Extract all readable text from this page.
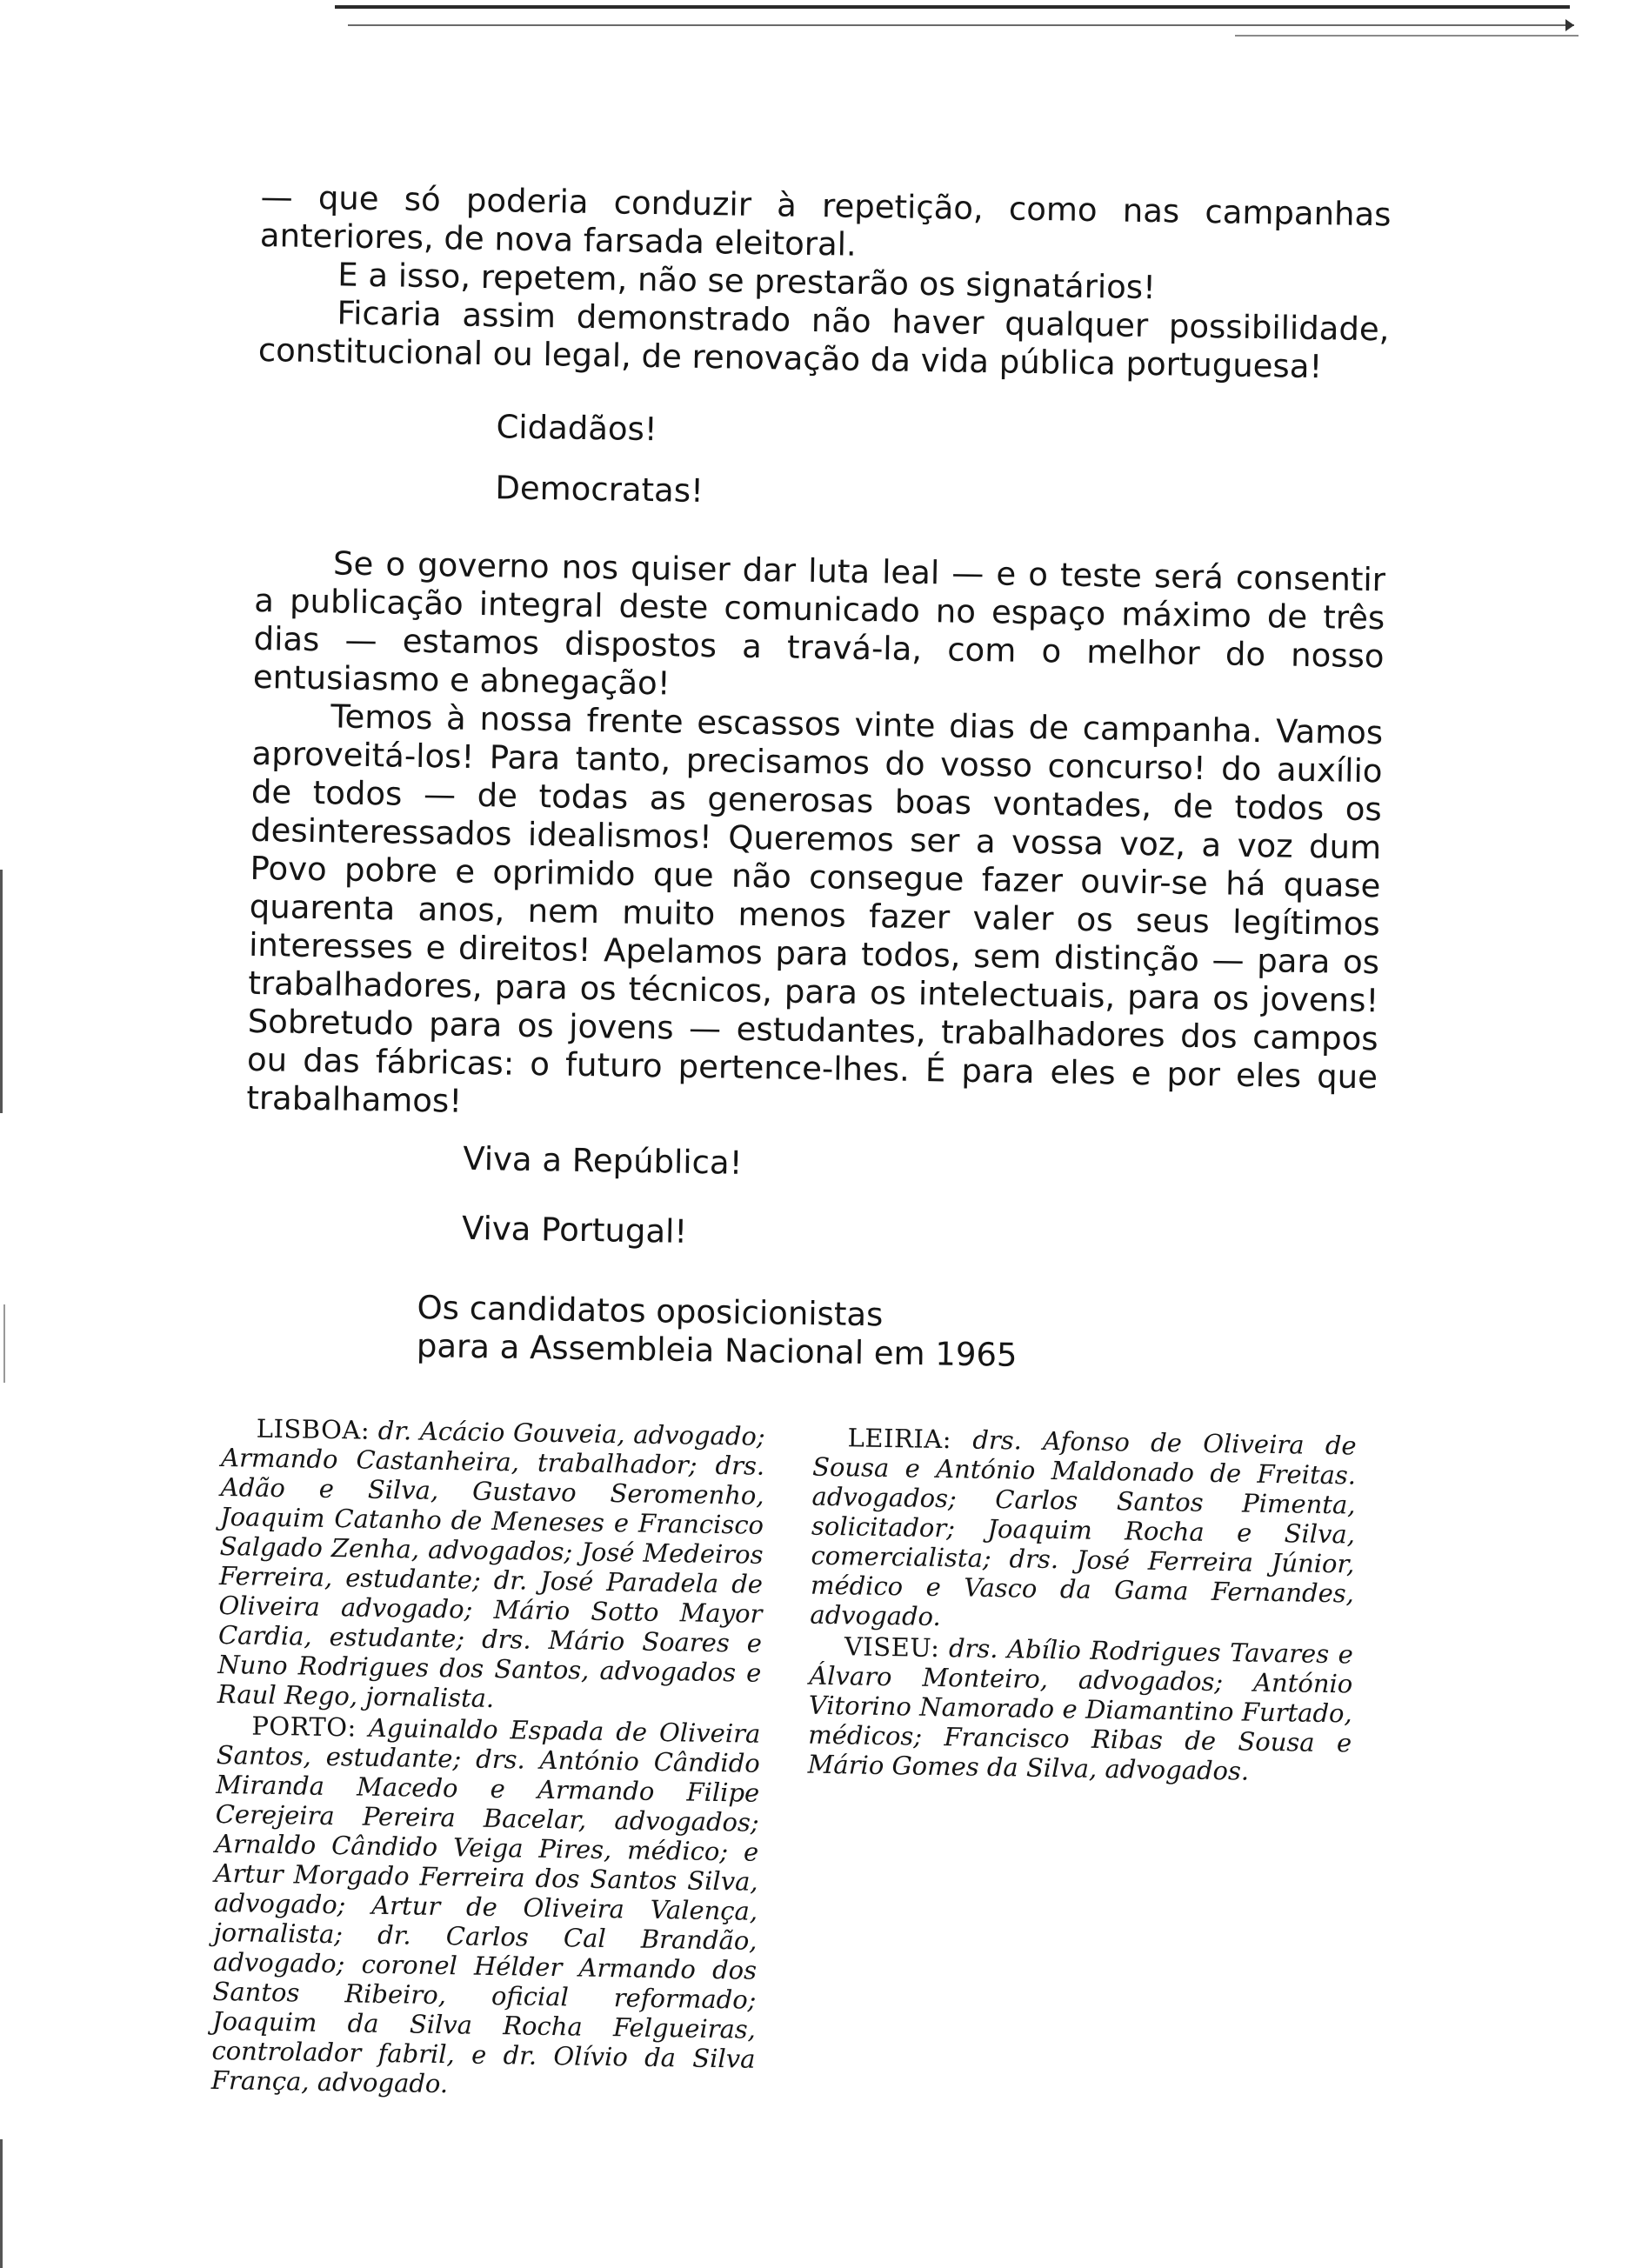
— que só poderia conduzir à repetição, como nas campanhas anteriores, de nova farsada eleitoral.

E a isso, repetem, não se prestarão os signatários!

Ficaria assim demonstrado não haver qualquer possibilidade, constitucional ou legal, de renovação da vida pública portuguesa!

Cidadãos!

Democratas!

Se o governo nos quiser dar luta leal — e o teste será consentir a publicação integral deste comunicado no espaço máximo de três dias — estamos dispostos a travá-la, com o melhor do nosso entusiasmo e abnegação!

Temos à nossa frente escassos vinte dias de campanha. Vamos aproveitá-los! Para tanto, precisamos do vosso concurso! do auxílio de todos — de todas as generosas boas vontades, de todos os desinteressados idealismos! Queremos ser a vossa voz, a voz dum Povo pobre e oprimido que não consegue fazer ouvir-se há quase quarenta anos, nem muito menos fazer valer os seus legítimos interesses e direitos! Apelamos para todos, sem distinção — para os trabalhadores, para os técnicos, para os intelectuais, para os jovens! Sobretudo para os jovens — estudantes, trabalhadores dos campos ou das fábricas: o futuro pertence-lhes. É para eles e por eles que trabalhamos!

Viva a República!

Viva Portugal!

Os candidatos oposicionistas

para a Assembleia Nacional em 1965

LISBOA: dr. Acácio Gouveia, advogado; Armando Castanheira, trabalhador; drs. Adão e Silva, Gustavo Seromenho, Joaquim Catanho de Meneses e Francisco Salgado Zenha, advogados; José Medeiros Ferreira, estudante; dr. José Paradela de Oliveira advogado; Mário Sotto Mayor Cardia, estudante; drs. Mário Soares e Nuno Rodrigues dos Santos, advogados e Raul Rego, jornalista.

PORTO: Aguinaldo Espada de Oliveira Santos, estudante; drs. António Cândido Miranda Macedo e Armando Filipe Cerejeira Pereira Bacelar, advogados; Arnaldo Cândido Veiga Pires, médico; e Artur Morgado Ferreira dos Santos Silva, advogado; Artur de Oliveira Valença, jornalista; dr. Carlos Cal Brandão, advogado; coronel Hélder Armando dos Santos Ribeiro, oficial reformado; Joaquim da Silva Rocha Felgueiras, controlador fabril, e dr. Olívio da Silva França, advogado.

LEIRIA: drs. Afonso de Oliveira de Sousa e António Maldonado de Freitas. advogados; Carlos Santos Pimenta, solicitador; Joaquim Rocha e Silva, comercialista; drs. José Ferreira Júnior, médico e Vasco da Gama Fernandes, advogado.

VISEU: drs. Abílio Rodrigues Tavares e Álvaro Monteiro, advogados; António Vitorino Namorado e Diamantino Furtado, médicos; Francisco Ribas de Sousa e Mário Gomes da Silva, advogados.
